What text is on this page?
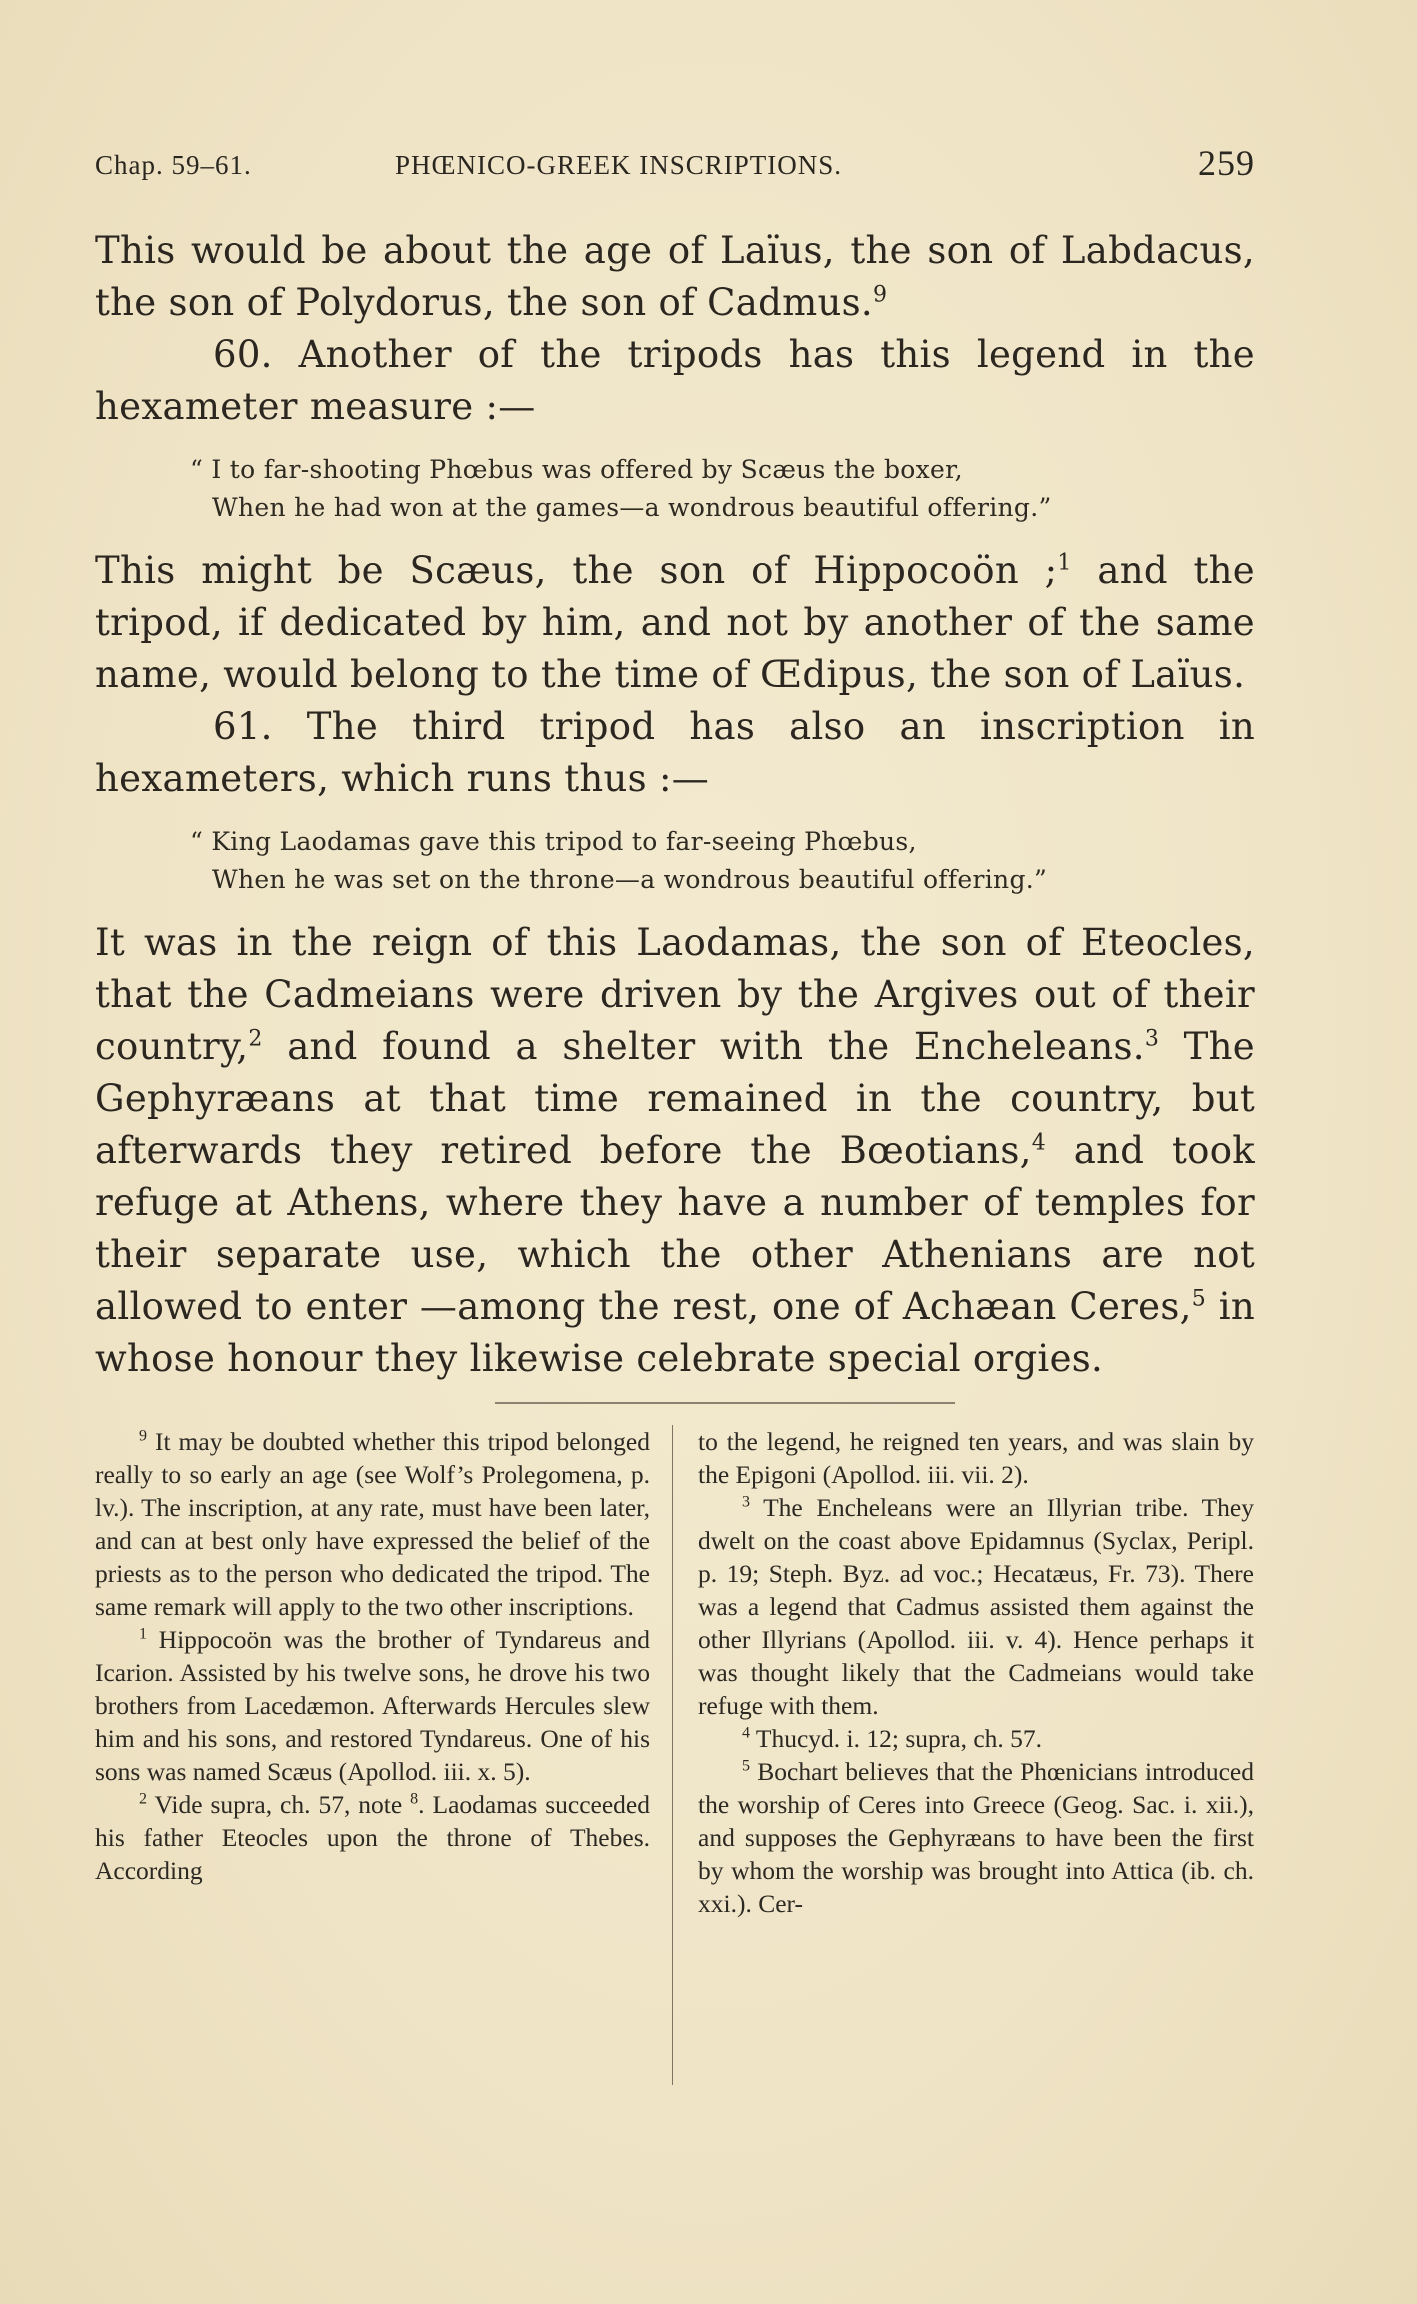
Chap. 59–61.	PHŒNICO-GREEK INSCRIPTIONS.	259

This would be about the age of Laïus, the son of Labdacus, the son of Polydorus, the son of Cadmus.$^9$

60. Another of the tripods has this legend in the hexameter measure :—

“ I to far-shooting Phœbus was offered by Scæus the boxer,
When he had won at the games—a wondrous beautiful offering.”

This might be Scæus, the son of Hippocoön ;$^1$ and the tripod, if dedicated by him, and not by another of the same name, would belong to the time of Œdipus, the son of Laïus.

61. The third tripod has also an inscription in hexameters, which runs thus :—

“ King Laodamas gave this tripod to far-seeing Phœbus,
When he was set on the throne—a wondrous beautiful offering.”

It was in the reign of this Laodamas, the son of Eteocles, that the Cadmeians were driven by the Argives out of their country,$^2$ and found a shelter with the Encheleans.$^3$ The Gephyræans at that time remained in the country, but afterwards they retired before the Bœotians,$^4$ and took refuge at Athens, where they have a number of temples for their separate use, which the other Athenians are not allowed to enter —among the rest, one of Achæan Ceres,$^5$ in whose honour they likewise celebrate special orgies.

$^9$ It may be doubted whether this tripod belonged really to so early an age (see Wolf’s Prolegomena, p. lv.). The inscription, at any rate, must have been later, and can at best only have expressed the belief of the priests as to the person who dedicated the tripod. The same remark will apply to the two other inscriptions.

$^1$ Hippocoön was the brother of Tyndareus and Icarion. Assisted by his twelve sons, he drove his two brothers from Lacedæmon. Afterwards Hercules slew him and his sons, and restored Tyndareus. One of his sons was named Scæus (Apollod. iii. x. 5).

$^2$ Vide supra, ch. 57, note $^8$. Laodamas succeeded his father Eteocles upon the throne of Thebes. According

to the legend, he reigned ten years, and was slain by the Epigoni (Apollod. iii. vii. 2).

$^3$ The Encheleans were an Illyrian tribe. They dwelt on the coast above Epidamnus (Syclax, Peripl. p. 19; Steph. Byz. ad voc.; Hecatæus, Fr. 73). There was a legend that Cadmus assisted them against the other Illyrians (Apollod. iii. v. 4). Hence perhaps it was thought likely that the Cadmeians would take refuge with them.

$^4$ Thucyd. i. 12; supra, ch. 57.

$^5$ Bochart believes that the Phœnicians introduced the worship of Ceres into Greece (Geog. Sac. i. xii.), and supposes the Gephyræans to have been the first by whom the worship was brought into Attica (ib. ch. xxi.). Cer-
